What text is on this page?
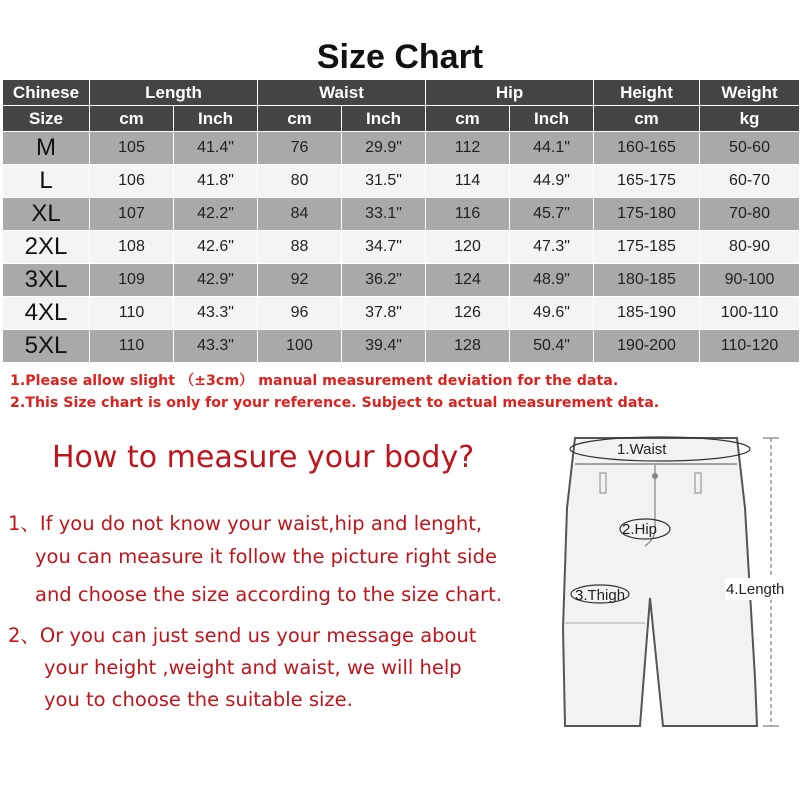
Size Chart
Chinese	Length		Waist		Hip		Height	Weight
Size	cm	Inch	cm	Inch	cm	Inch	cm	kg
M	105	41.4"	76	29.9"	112	44.1"	160-165	50-60
L	106	41.8"	80	31.5"	114	44.9"	165-175	60-70
XL	107	42.2"	84	33.1"	116	45.7"	175-180	70-80
2XL	108	42.6"	88	34.7"	120	47.3"	175-185	80-90
3XL	109	42.9"	92	36.2"	124	48.9"	180-185	90-100
4XL	110	43.3"	96	37.8"	126	49.6"	185-190	100-110
5XL	110	43.3"	100	39.4"	128	50.4"	190-200	110-120
1.Please allow slight （±3cm） manual measurement deviation for the data.
2.This Size chart is only for your reference. Subject to actual measurement data.
How to measure your body?
1、If you do not know your waist,hip and lenght,
you can measure it follow the picture right side
and choose the size according to the size chart.
2、Or you can just send us your message about
your height ,weight and waist, we will help
you to choose the suitable size.
1.Waist
2.Hip
3.Thigh	4.Length
